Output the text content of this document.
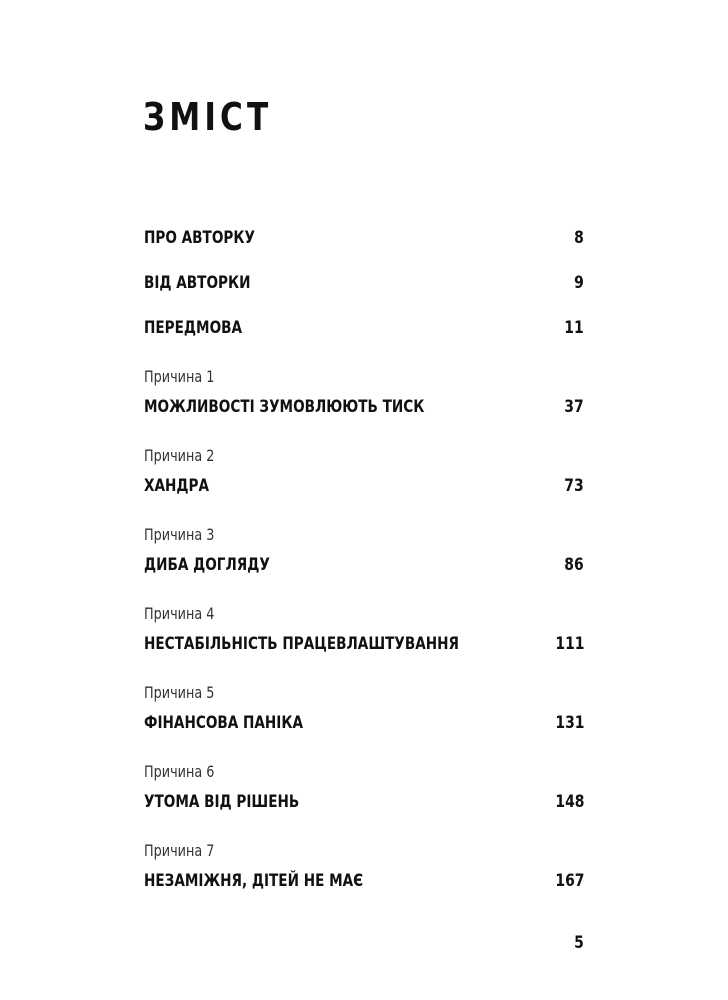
ЗМІСТ
ПРО АВТОРКУ	8
ВІД АВТОРКИ	9
ПЕРЕДМОВА	11
Причина 1
МОЖЛИВОСТІ ЗУМОВЛЮЮТЬ ТИСК	37
Причина 2
ХАНДРА	73
Причина 3
ДИБА ДОГЛЯДУ	86
Причина 4
НЕСТАБІЛЬНІСТЬ ПРАЦЕВЛАШТУВАННЯ	111
Причина 5
ФІНАНСОВА ПАНІКА	131
Причина 6
УТОМА ВІД РІШЕНЬ	148
Причина 7
НЕЗАМІЖНЯ, ДІТЕЙ НЕ МАЄ	167
5
